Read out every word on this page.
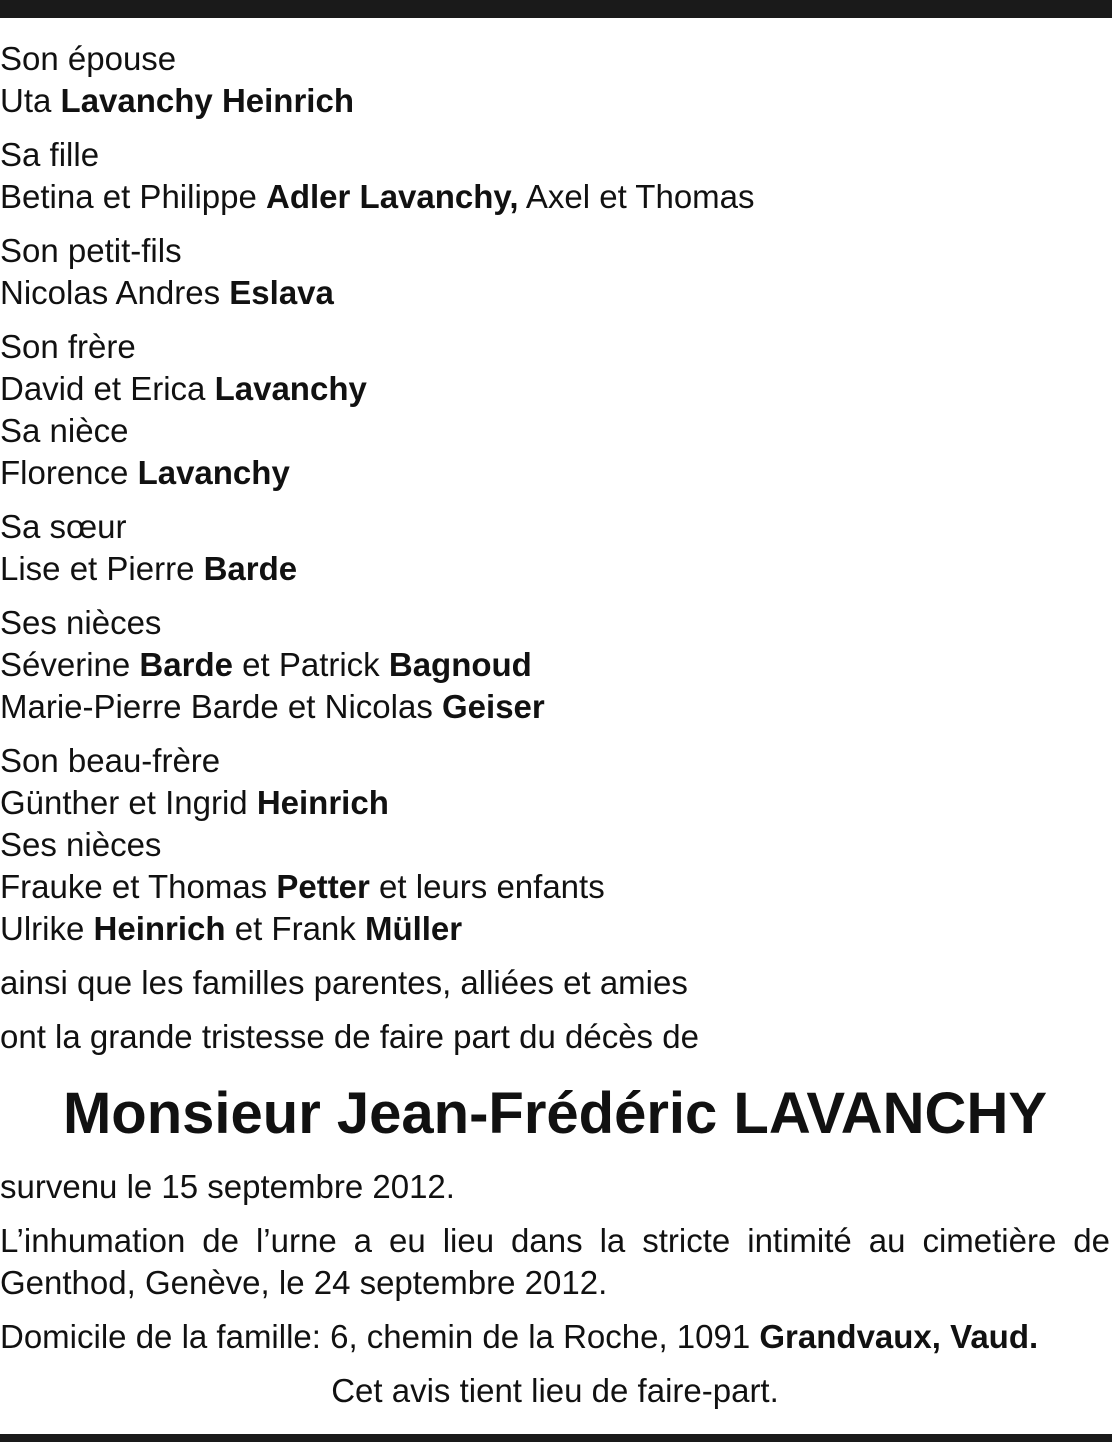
Son épouse
Uta Lavanchy Heinrich
Sa fille
Betina et Philippe Adler Lavanchy, Axel et Thomas
Son petit-fils
Nicolas Andres Eslava
Son frère
David et Erica Lavanchy
Sa nièce
Florence Lavanchy
Sa sœur
Lise et Pierre Barde
Ses nièces
Séverine Barde et Patrick Bagnoud
Marie-Pierre Barde et Nicolas Geiser
Son beau-frère
Günther et Ingrid Heinrich
Ses nièces
Frauke et Thomas Petter et leurs enfants
Ulrike Heinrich et Frank Müller
ainsi que les familles parentes, alliées et amies
ont la grande tristesse de faire part du décès de
Monsieur Jean-Frédéric LAVANCHY
survenu le 15 septembre 2012.
L’inhumation de l’urne a eu lieu dans la stricte intimité au cimetière de Genthod, Genève, le 24 septembre 2012.
Domicile de la famille: 6, chemin de la Roche, 1091 Grandvaux, Vaud.
Cet avis tient lieu de faire-part.
